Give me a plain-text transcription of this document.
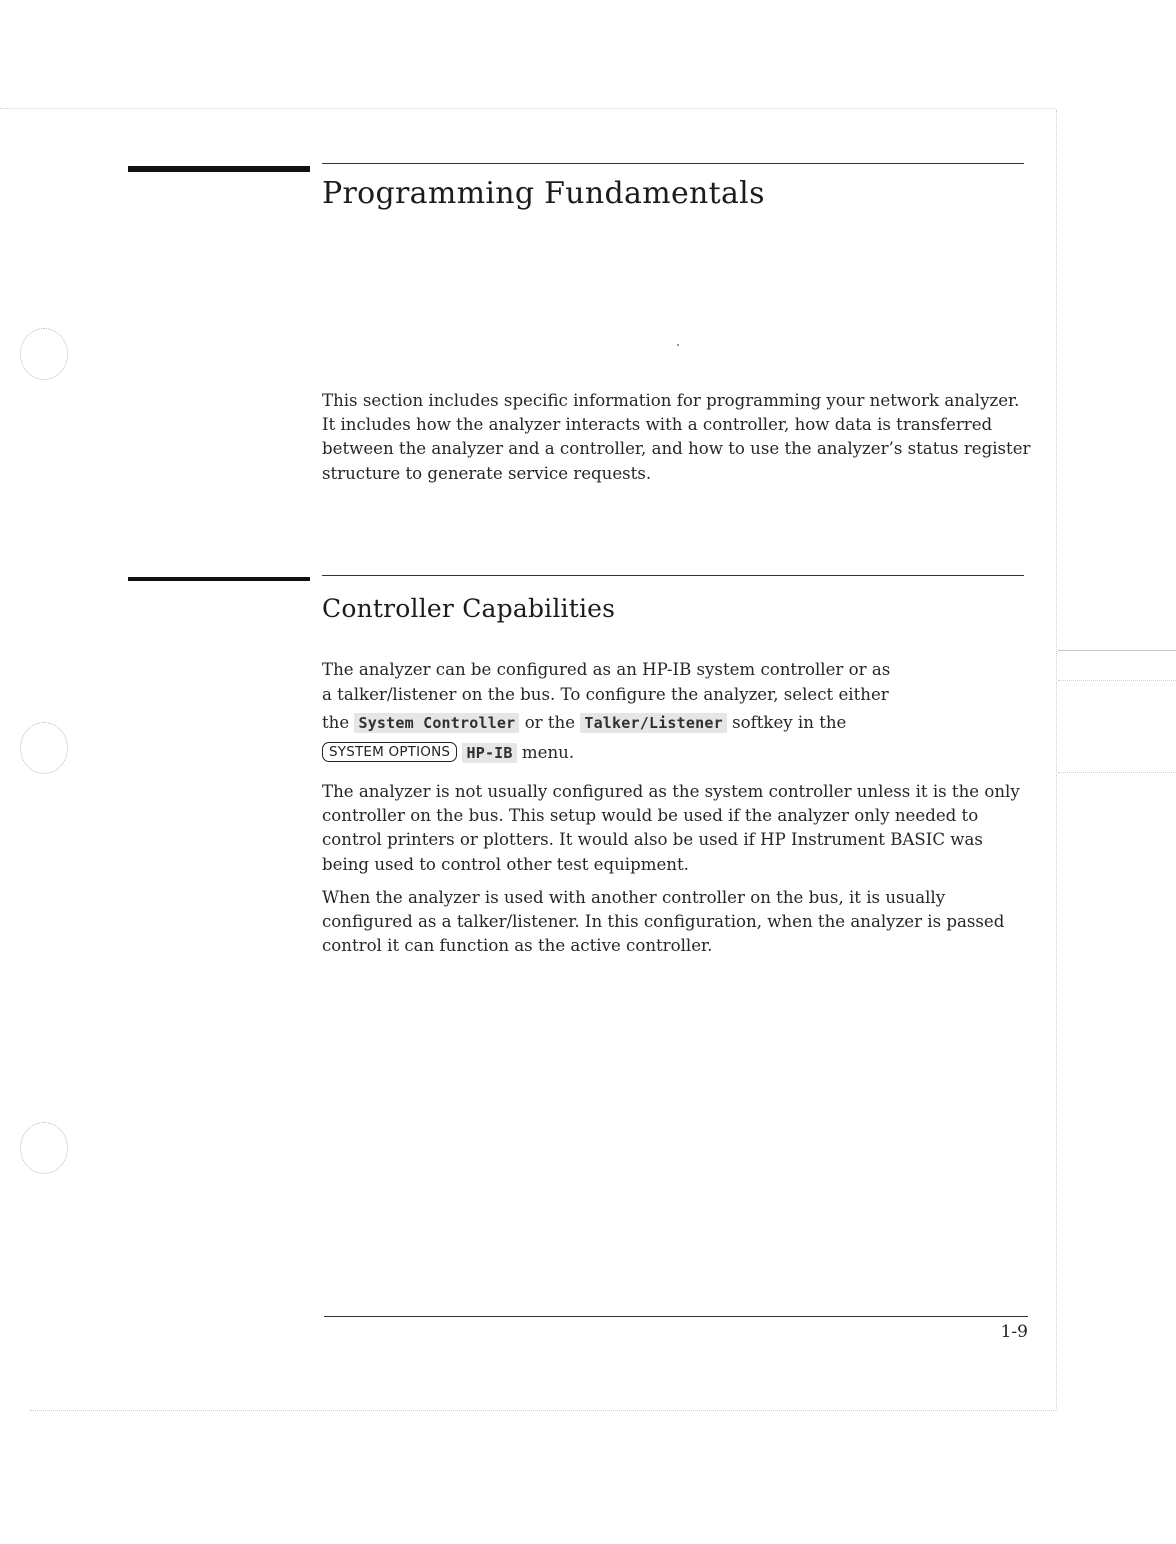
Programming Fundamentals

This section includes specific information for programming your network analyzer. It includes how the analyzer interacts with a controller, how data is transferred between the analyzer and a controller, and how to use the analyzer’s status register structure to generate service requests.

Controller Capabilities
The analyzer can be configured as an HP-IB system controller or as
a talker/listener on the bus. To configure the analyzer, select either
the System Controller or the Talker/Listener softkey in the
SYSTEM OPTIONS HP-IB menu.

The analyzer is not usually configured as the system controller unless it is the only controller on the bus. This setup would be used if the analyzer only needed to control printers or plotters. It would also be used if HP Instrument BASIC was being used to control other test equipment.

When the analyzer is used with another controller on the bus, it is usually configured as a talker/listener. In this configuration, when the analyzer is passed control it can function as the active controller.

1-9
